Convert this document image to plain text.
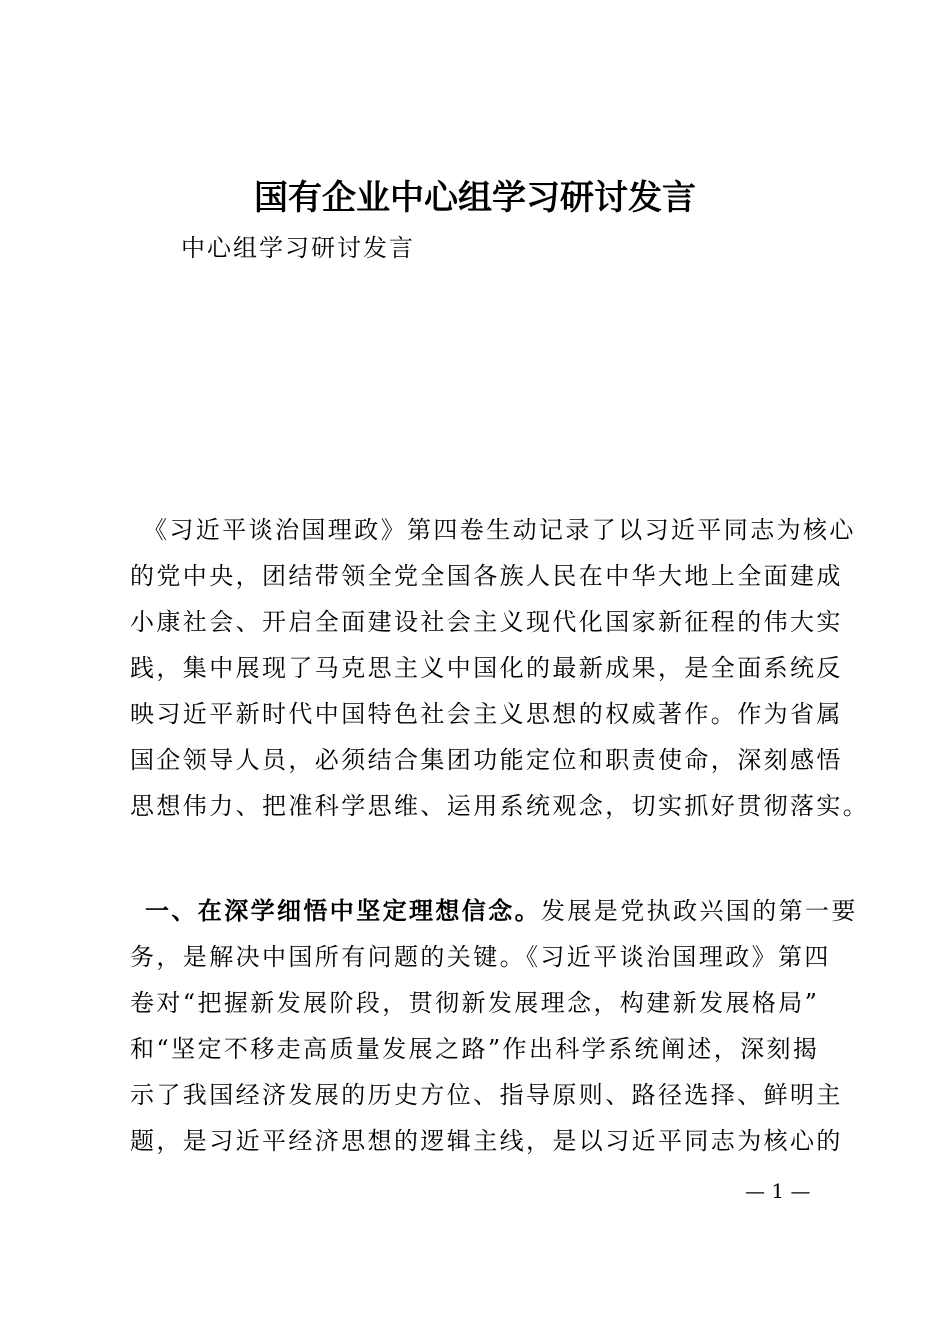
国有企业中心组学习研讨发言

中心组学习研讨发言

《习近平谈治国理政》第四卷生动记录了以习近平同志为核心

的党中央，团结带领全党全国各族人民在中华大地上全面建成

小康社会、开启全面建设社会主义现代化国家新征程的伟大实

践，集中展现了马克思主义中国化的最新成果，是全面系统反

映习近平新时代中国特色社会主义思想的权威著作。作为省属

国企领导人员，必须结合集团功能定位和职责使命，深刻感悟

思想伟力、把准科学思维、运用系统观念，切实抓好贯彻落实。

一、在深学细悟中坚定理想信念。发展是党执政兴国的第一要

务，是解决中国所有问题的关键。《习近平谈治国理政》第四

卷对“把握新发展阶段，贯彻新发展理念，构建新发展格局”

和“坚定不移走高质量发展之路”作出科学系统阐述，深刻揭

示了我国经济发展的历史方位、指导原则、路径选择、鲜明主

题，是习近平经济思想的逻辑主线，是以习近平同志为核心的

— 1 —
